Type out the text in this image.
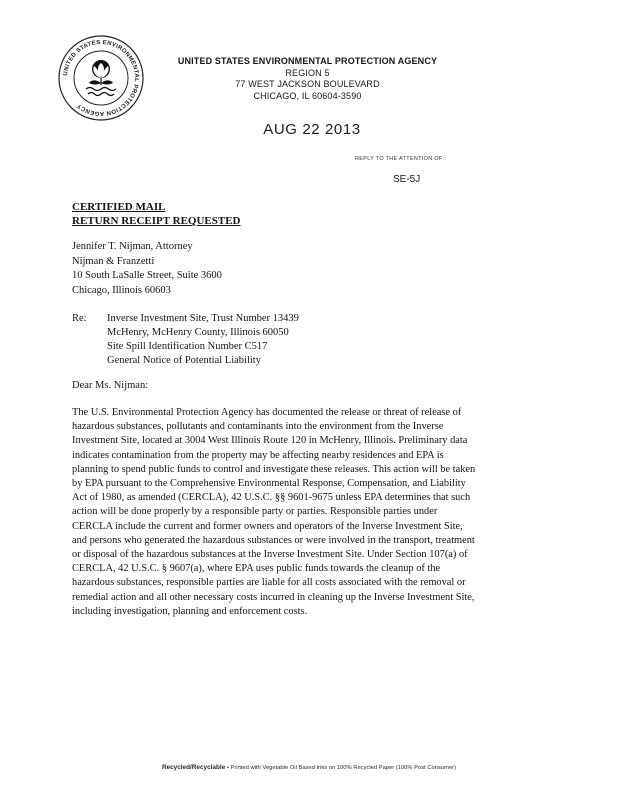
UNITED STATES ENVIRONMENTAL PROTECTION AGENCY
UNITED STATES ENVIRONMENTAL PROTECTION AGENCY
REGION 5
77 WEST JACKSON BOULEVARD
CHICAGO, IL 60604-3590
AUG 22 2013
REPLY TO THE ATTENTION OF:
SE-5J
CERTIFIED MAIL
RETURN RECEIPT REQUESTED
Jennifer T. Nijman, Attorney
Nijman & Franzetti
10 South LaSalle Street, Suite 3600
Chicago, Illinois 60603
Re: Inverse Investment Site, Trust Number 13439
McHenry, McHenry County, Illinois 60050
Site Spill Identification Number C517
General Notice of Potential Liability
Dear Ms. Nijman:
The U.S. Environmental Protection Agency has documented the release or threat of release of
hazardous substances, pollutants and contaminants into the environment from the Inverse
Investment Site, located at 3004 West Illinois Route 120 in McHenry, Illinois. Preliminary data
indicates contamination from the property may be affecting nearby residences and EPA is
planning to spend public funds to control and investigate these releases. This action will be taken
by EPA pursuant to the Comprehensive Environmental Response, Compensation, and Liability
Act of 1980, as amended (CERCLA), 42 U.S.C. §§ 9601-9675 unless EPA determines that such
action will be done properly by a responsible party or parties. Responsible parties under
CERCLA include the current and former owners and operators of the Inverse Investment Site,
and persons who generated the hazardous substances or were involved in the transport, treatment
or disposal of the hazardous substances at the Inverse Investment Site. Under Section 107(a) of
CERCLA, 42 U.S.C. § 9607(a), where EPA uses public funds towards the cleanup of the
hazardous substances, responsible parties are liable for all costs associated with the removal or
remedial action and all other necessary costs incurred in cleaning up the Inverse Investment Site,
including investigation, planning and enforcement costs.
Recycled/Recyclable • Printed with Vegetable Oil Based Inks on 100% Recycled Paper (100% Post Consumer)
